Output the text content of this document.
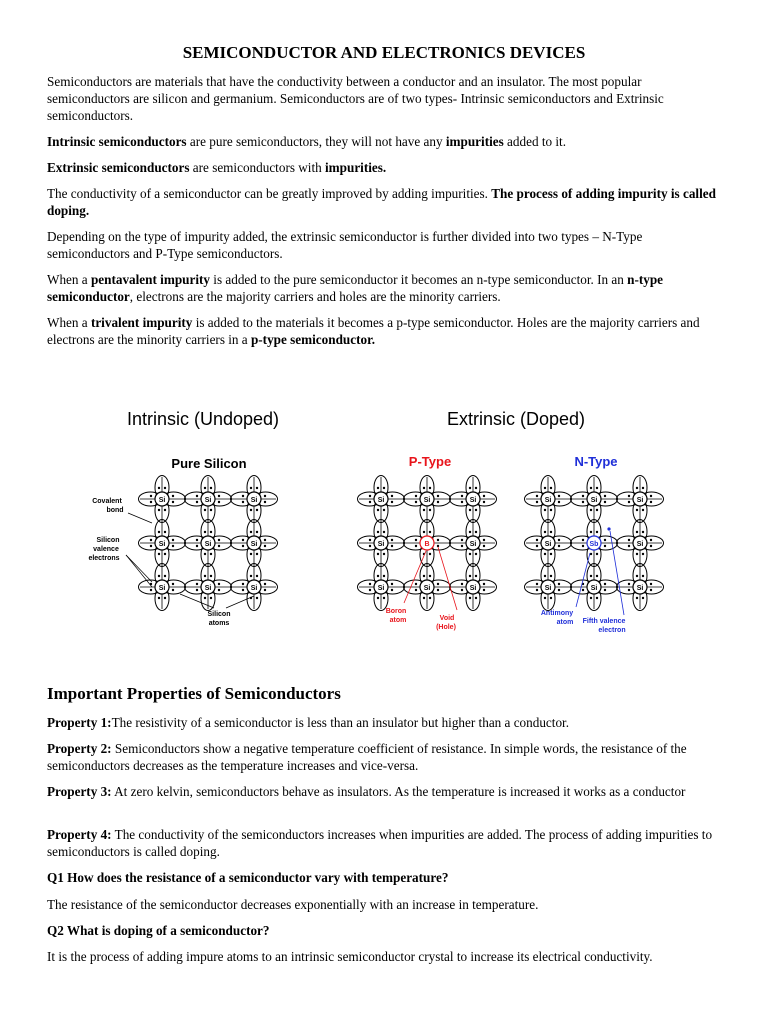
SEMICONDUCTOR AND ELECTRONICS DEVICES

Semiconductors are materials that have the conductivity between a conductor and an insulator. The most popular semiconductors are silicon and germanium. Semiconductors are of two types- Intrinsic semiconductors and Extrinsic semiconductors.

Intrinsic semiconductors are pure semiconductors, they will not have any impurities added to it.

Extrinsic semiconductors are semiconductors with impurities.

The conductivity of a semiconductor can be greatly improved by adding impurities. The process of adding impurity is called doping.

Depending on the type of impurity added, the extrinsic semiconductor is further divided into two types – N-Type semiconductors and P-Type semiconductors.

When a pentavalent impurity is added to the pure semiconductor it becomes an n-type semiconductor. In an n-type semiconductor, electrons are the majority carriers and holes are the minority carriers.

When a trivalent impurity is added to the materials it becomes a p-type semiconductor. Holes are the majority carriers and electrons are the minority carriers in a p-type semiconductor.

Intrinsic (Undoped)	Extrinsic (Doped)
Pure Silicon	P-Type	N-Type
Si	Si	Si
Si	Si	Si
Si	Si	Si
Si	Si	Si
Si	B	Si
Si	Si	Si
Si	Si	Si
Si	Sb	Si
Si	Si	Si
Covalent
bond
Silicon
valence
electrons
Silicon
atoms
Boron
atom	Void
(Hole)
Antimony
atom Fifth valence
electron
Important Properties of Semiconductors

Property 1:The resistivity of a semiconductor is less than an insulator but higher than a conductor.

Property 2: Semiconductors show a negative temperature coefficient of resistance. In simple words, the resistance of the semiconductors decreases as the temperature increases and vice-versa.

Property 3: At zero kelvin, semiconductors behave as insulators. As the temperature is increased it works as a conductor

Property 4: The conductivity of the semiconductors increases when impurities are added. The process of adding impurities to semiconductors is called doping.

Q1 How does the resistance of a semiconductor vary with temperature?

The resistance of the semiconductor decreases exponentially with an increase in temperature.

Q2 What is doping of a semiconductor?

It is the process of adding impure atoms to an intrinsic semiconductor crystal to increase its electrical conductivity.
